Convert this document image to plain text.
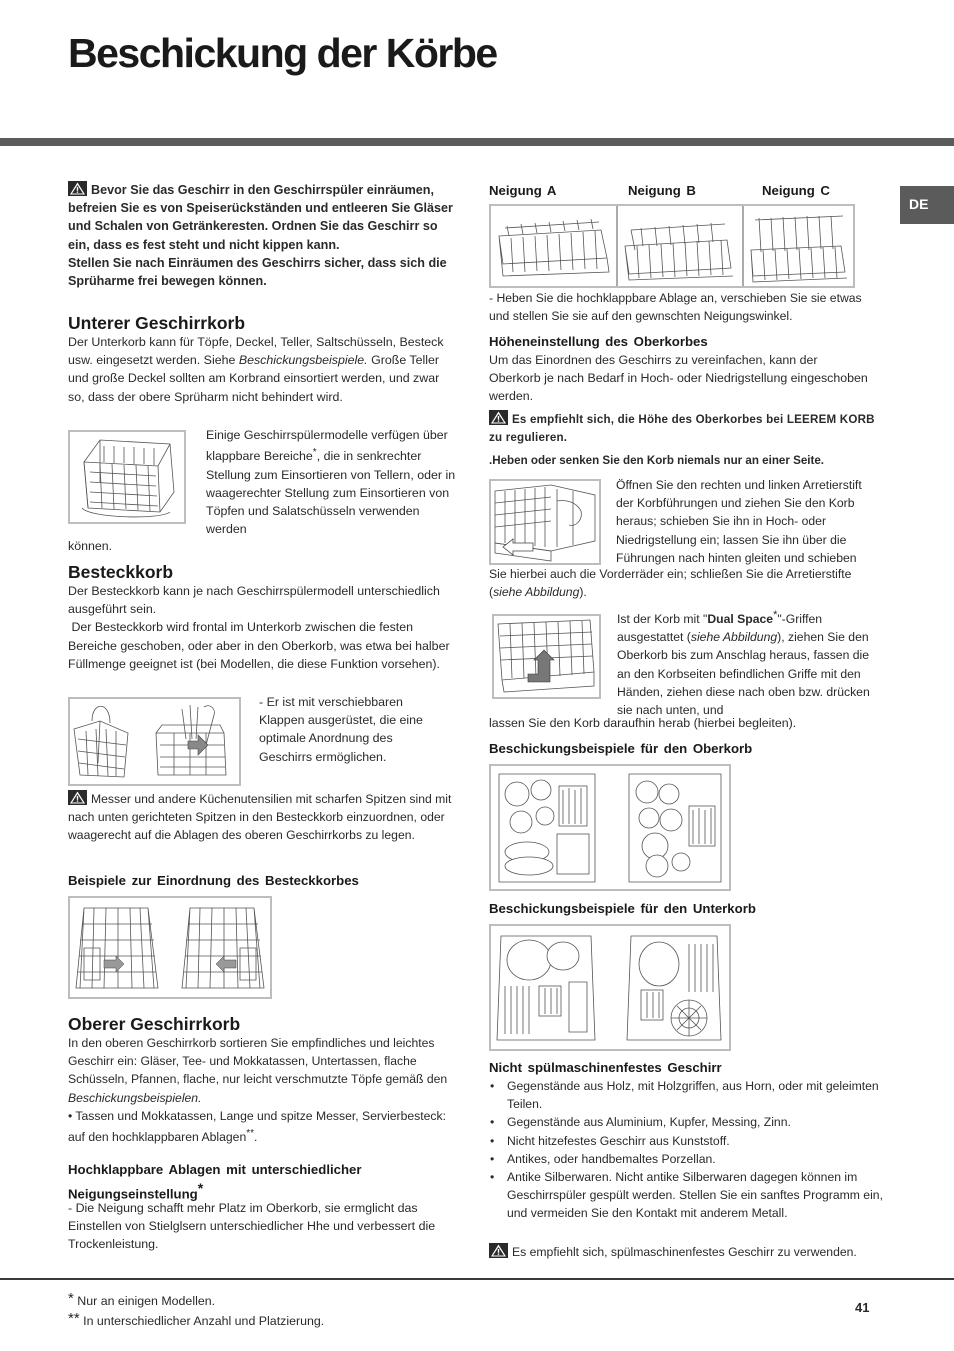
Beschickung der Körbe
DE

Bevor Sie das Geschirr in den Geschirrspüler einräumen, befreien Sie es von Speiserückständen und entleeren Sie Gläser und Schalen von Getränkeresten. Ordnen Sie das Geschirr so ein, dass es fest steht und nicht kippen kann.

Stellen Sie nach Einräumen des Geschirrs sicher, dass sich die Sprüharme frei bewegen können.

Unterer Geschirrkorb

Der Unterkorb kann für Töpfe, Deckel, Teller, Saltschüsseln, Besteck usw. eingesetzt werden. Siehe Beschickungsbeispiele. Große Teller und große Deckel sollten am Korbrand einsortiert werden, und zwar so, dass der obere Sprüharm nicht behindert wird.

Einige Geschirrspülermodelle verfügen über klappbare Bereiche*, die in senkrechter Stellung zum Einsortieren von Tellern, oder in waagerechter Stellung zum Einsortieren von Töpfen und Salatschüsseln verwenden werden

können.
Besteckkorb

Der Besteckkorb kann je nach Geschirrspülermodell unterschiedlich ausgeführt sein.

Der Besteckkorb wird frontal im Unterkorb zwischen die festen Bereiche geschoben, oder aber in den Oberkorb, was etwa bei halber Füllmenge geeignet ist (bei Modellen, die diese Funktion vorsehen).

- Er ist mit verschiebbaren Klappen ausgerüstet, die eine optimale Anordnung des Geschirrs ermöglichen.

Messer und andere Küchenutensilien mit scharfen Spitzen sind mit nach unten gerichteten Spitzen in den Besteckkorb einzuordnen, oder waagerecht auf die Ablagen des oberen Geschirrkorbs zu legen.

Beispiele zur Einordnung des Besteckkorbes
Oberer Geschirrkorb

In den oberen Geschirrkorb sortieren Sie empfindliches und leichtes Geschirr ein: Gläser, Tee- und Mokkatassen, Untertassen, flache Schüsseln, Pfannen, flache, nur leicht verschmutzte Töpfe gemäß den Beschickungsbeispielen.

• Tassen und Mokkatassen, Lange und spitze Messer, Servierbesteck: auf den hochklappbaren Ablagen**.

Hochklappbare Ablagen mit unterschiedlicher Neigungseinstellung*
- Die Neigung schafft mehr Platz im Oberkorb, sie ermglicht das Einstellen von Stielglsern unterschiedlicher Hhe und verbessert die Trockenleistung.
Neigung A	Neigung B	Neigung C
- Heben Sie die hochklappbare Ablage an, verschieben Sie sie etwas und stellen Sie sie auf den gewnschten Neigungswinkel.
Höheneinstellung des Oberkorbes
Um das Einordnen des Geschirrs zu vereinfachen, kann der Oberkorb je nach Bedarf in Hoch- oder Niedrigstellung eingeschoben werden.

Es empfiehlt sich, die Höhe des Oberkorbes bei LEEREM KORB zu regulieren.

.Heben oder senken Sie den Korb niemals nur an einer Seite.
Öffnen Sie den rechten und linken Arretierstift der Korbführungen und ziehen Sie den Korb heraus; schieben Sie ihn in Hoch- oder Niedrigstellung ein; lassen Sie ihn über die Führungen nach hinten gleiten und schieben

Sie hierbei auch die Vorderräder ein; schließen Sie die Arretierstifte (siehe Abbildung).

Ist der Korb mit "Dual Space*"-Griffen ausgestattet (siehe Abbildung), ziehen Sie den Oberkorb bis zum Anschlag heraus, fassen die an den Korbseiten befindlichen Griffe mit den Händen, ziehen diese nach oben bzw. drücken sie nach unten, und

lassen Sie den Korb daraufhin herab (hierbei begleiten).
Beschickungsbeispiele für den Oberkorb
Beschickungsbeispiele für den Unterkorb
Nicht spülmaschinenfestes Geschirr
• Gegenstände aus Holz, mit Holzgriffen, aus Horn, oder mit geleimten Teilen.
• Gegenstände aus Aluminium, Kupfer, Messing, Zinn.
• Nicht hitzefestes Geschirr aus Kunststoff.
• Antikes, oder handbemaltes Porzellan.
• Antike Silberwaren. Nicht antike Silberwaren dagegen können im Geschirrspüler gespült werden. Stellen Sie ein sanftes Programm ein, und vermeiden Sie den Kontakt mit anderem Metall.

Es empfiehlt sich, spülmaschinenfestes Geschirr zu verwenden.

* Nur an einigen Modellen.

** In unterschiedlicher Anzahl und Platzierung.

41
